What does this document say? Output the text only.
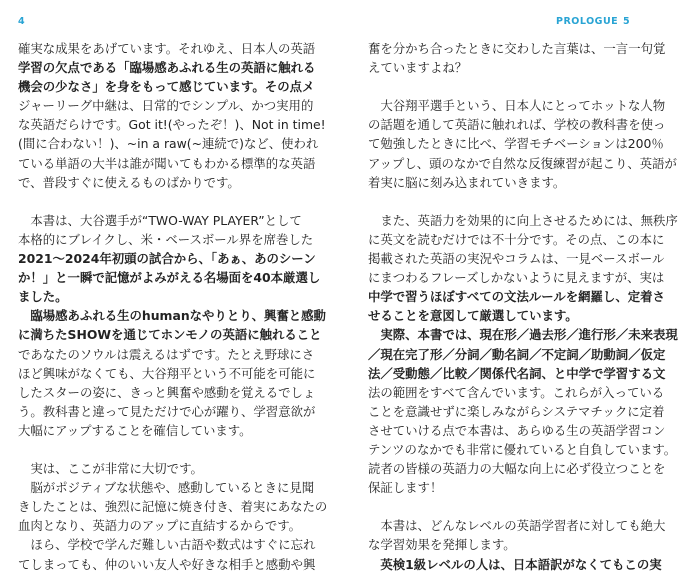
4	PROLOGUE 5
確実な成果をあげています。それゆえ、日本人の英語
学習の欠点である「臨場感あふれる生の英語に触れる
機会の少なさ」を身をもって感じています。その点メ
ジャーリーグ中継は、日常的でシンプル、かつ実用的
な英語だらけです。Got it!(やったぞ！)、Not in time!
(間に合わない！)、~in a raw(~連続で)など、使われ
ている単語の大半は誰が聞いてもわかる標準的な英語
で、普段すぐに使えるものばかりです。
　本書は、大谷選手が“TWO-WAY PLAYER”として
本格的にブレイクし、米・ベースボール界を席巻した
2021～2024年初頭の試合から、「あぁ、あのシーン
か！」と一瞬で記憶がよみがえる名場面を40本厳選し
ました。
　臨場感あふれる生のhumanなやりとり、興奮と感動
に満ちたSHOWを通じてホンモノの英語に触れること
であなたのソウルは震えるはずです。たとえ野球にさ
ほど興味がなくても、大谷翔平という不可能を可能に
したスターの姿に、きっと興奮や感動を覚えるでしょ
う。教科書と違って見ただけで心が躍り、学習意欲が
大幅にアップすることを確信しています。
　実は、ここが非常に大切です。
　脳がポジティブな状態や、感動しているときに見聞
きしたことは、強烈に記憶に焼き付き、着実にあなたの
血肉となり、英語力のアップに直結するからです。
　ほら、学校で学んだ難しい古語や数式はすぐに忘れ
てしまっても、仲のいい友人や好きな相手と感動や興
奮を分かち合ったときに交わした言葉は、一言一句覚
えていますよね？
　大谷翔平選手という、日本人にとってホットな人物
の話題を通して英語に触れれば、学校の教科書を使っ
て勉強したときに比べ、学習モチベーションは200％
アップし、頭のなかで自然な反復練習が起こり、英語が
着実に脳に刻み込まれていきます。
　また、英語力を効果的に向上させるためには、無秩序
に英文を読むだけでは不十分です。その点、この本に
掲載された英語の実況やコラムは、一見ベースボール
にまつわるフレーズしかないように見えますが、実は
中学で習うほぼすべての文法ルールを網羅し、定着さ
せることを意図して厳選しています。
　実際、本書では、現在形／過去形／進行形／未来表現
／現在完了形／分詞／動名詞／不定詞／助動詞／仮定
法／受動態／比較／関係代名詞、と中学で学習する文
法の範囲をすべて含んでいます。これらが入っている
ことを意識せずに楽しみながらシステマチックに定着
させていける点で本書は、あらゆる生の英語学習コン
テンツのなかでも非常に優れていると自負しています。
読者の皆様の英語力の大幅な向上に必ず役立つことを
保証します！
　本書は、どんなレベルの英語学習者に対しても絶大
な学習効果を発揮します。
　英検1級レベルの人は、日本語訳がなくてもこの実
